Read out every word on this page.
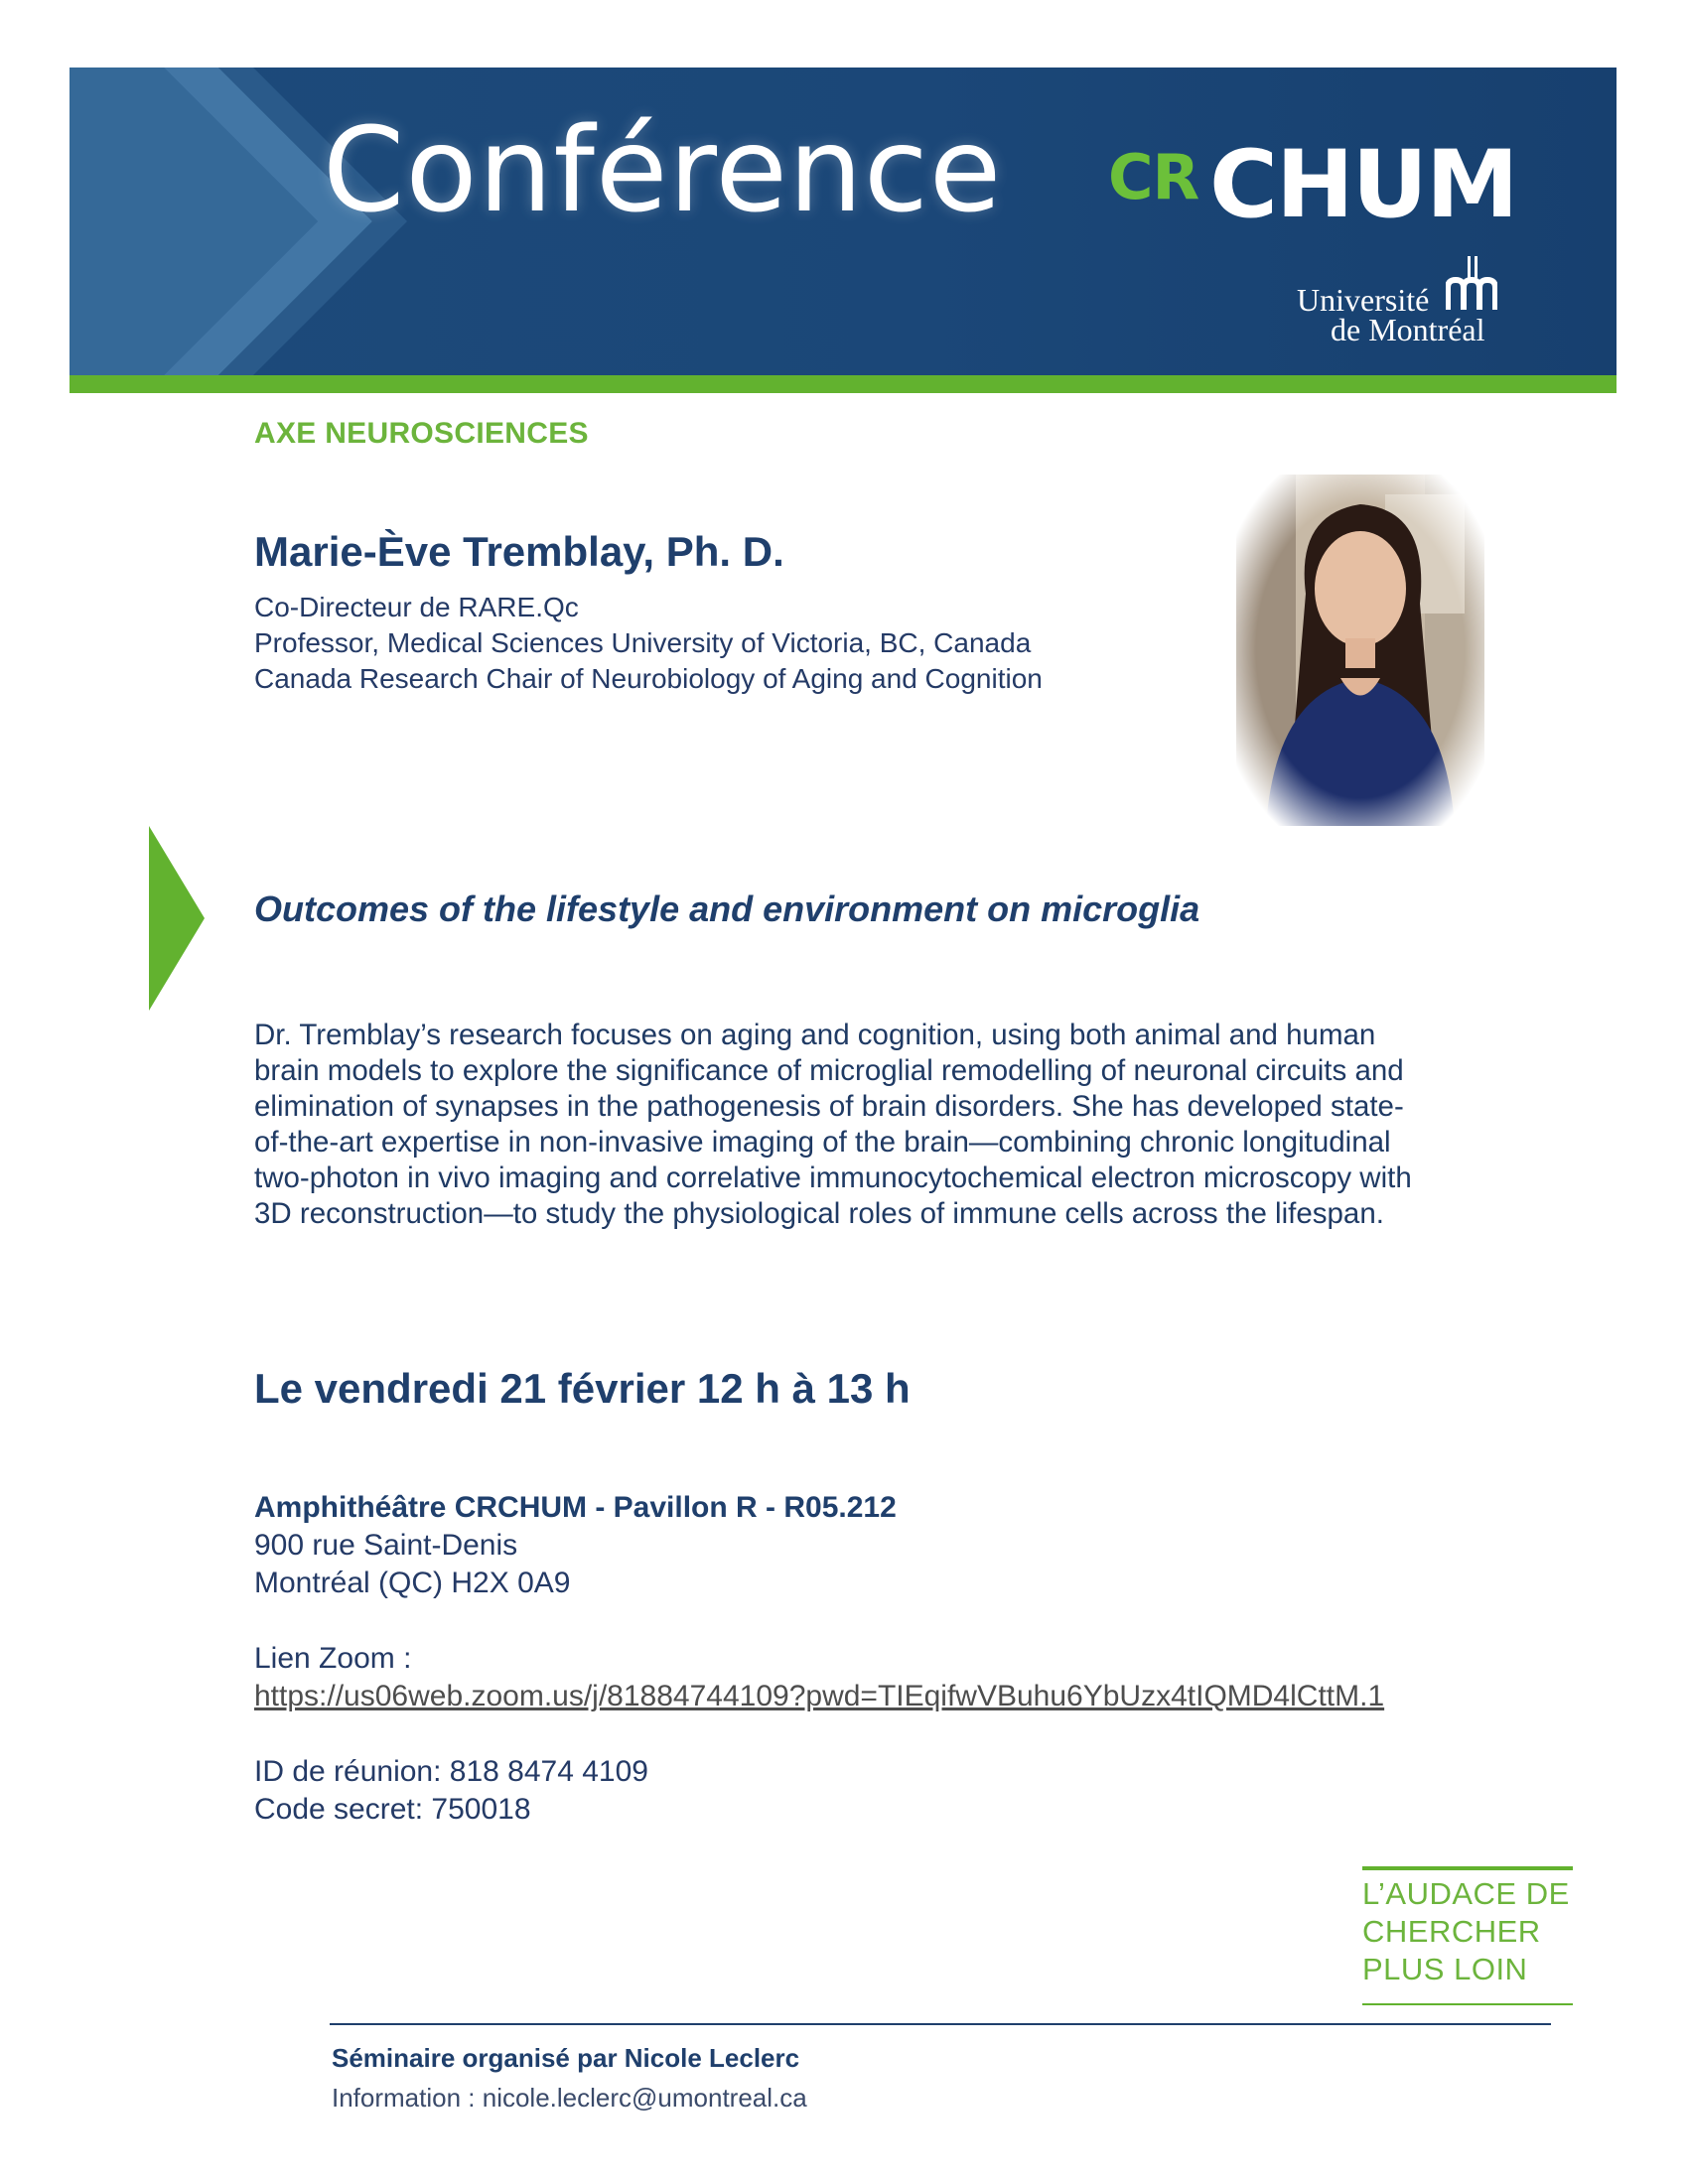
Conférence CR CHUM
Université
de Montréal
AXE NEUROSCIENCES
Marie-Ève Tremblay, Ph. D.
Co-Directeur de RARE.Qc
Professor, Medical Sciences University of Victoria, BC, Canada
Canada Research Chair of Neurobiology of Aging and Cognition
Outcomes of the lifestyle and environment on microglia
Dr. Tremblay’s research focuses on aging and cognition, using both animal and human
brain models to explore the significance of microglial remodelling of neuronal circuits and
elimination of synapses in the pathogenesis of brain disorders. She has developed state-
of-the-art expertise in non-invasive imaging of the brain—combining chronic longitudinal
two-photon in vivo imaging and correlative immunocytochemical electron microscopy with
3D reconstruction—to study the physiological roles of immune cells across the lifespan.
Le vendredi 21 février 12 h à 13 h
Amphithéâtre CRCHUM - Pavillon R - R05.212
900 rue Saint-Denis
Montréal (QC) H2X 0A9
Lien Zoom :
https://us06web.zoom.us/j/81884744109?pwd=TIEqifwVBuhu6YbUzx4tIQMD4lCttM.1
ID de réunion: 818 8474 4109
Code secret: 750018
L’AUDACE DE
CHERCHER
PLUS LOIN
Séminaire organisé par Nicole Leclerc
Information : nicole.leclerc@umontreal.ca
